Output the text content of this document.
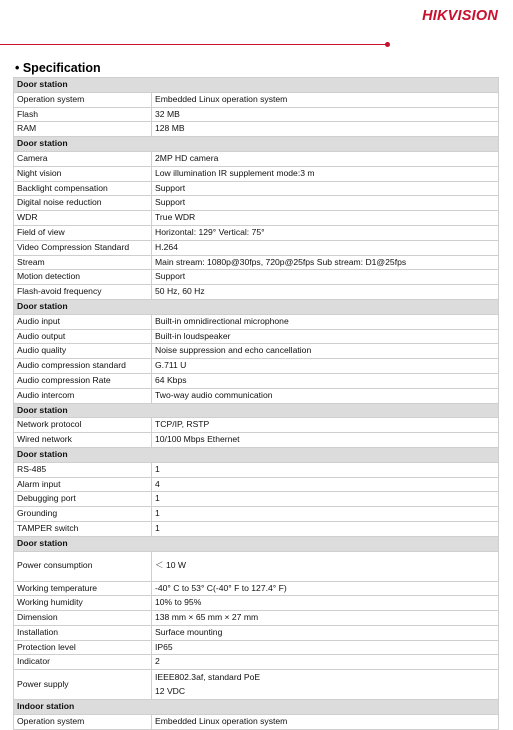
HIKVISION
• Specification
Door station	
Operation system	Embedded Linux operation system
Flash	32 MB
RAM	128 MB
Door station	
Camera	2MP HD camera
Night vision	Low illumination IR supplement mode:3 m
Backlight compensation	Support
Digital noise reduction	Support
WDR	True WDR
Field of view	Horizontal: 129° Vertical: 75°
Video Compression Standard	H.264
Stream	Main stream: 1080p@30fps, 720p@25fps Sub stream: D1@25fps
Motion detection	Support
Flash-avoid frequency	50 Hz, 60 Hz
Door station	
Audio input	Built-in omnidirectional microphone
Audio output	Built-in loudspeaker
Audio quality	Noise suppression and echo cancellation
Audio compression standard	G.711 U
Audio compression Rate	64 Kbps
Audio intercom	Two-way audio communication
Door station	
Network protocol	TCP/IP, RSTP
Wired network	10/100 Mbps Ethernet
Door station	
RS-485	1
Alarm input	4
Debugging port	1
Grounding	1
TAMPER switch	1
Door station	
Power consumption	＜ 10 W
Working temperature	-40° C to 53° C(-40° F to 127.4° F)
Working humidity	10% to 95%
Dimension	138 mm × 65 mm × 27 mm
Installation	Surface mounting
Protection level	IP65
Indicator	2
Power supply	IEEE802.3af, standard PoE
12 VDC

Indoor station	
Operation system	Embedded Linux operation system
